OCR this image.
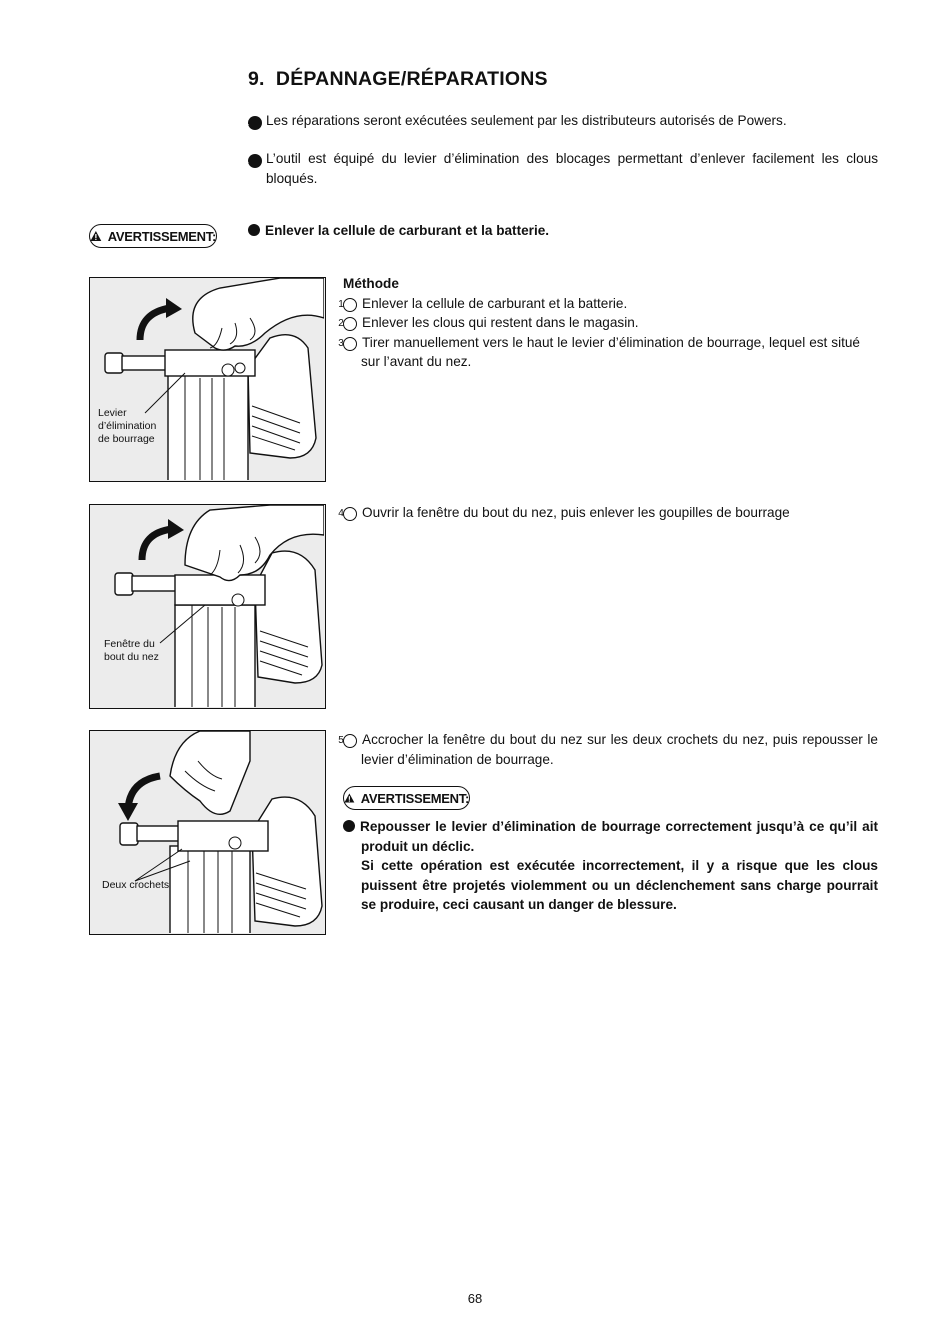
9. DÉPANNAGE/RÉPARATIONS
1 Les réparations seront exécutées seulement par les distributeurs autorisés de Powers.
2 L’outil est équipé du levier d’élimination des blocages permettant d’enlever facilement les clous bloqués.
AVERTISSEMENT:	Enlever la cellule de carburant et la batterie.
Méthode
1 Enlever la cellule de carburant et la batterie.
2 Enlever les clous qui restent dans le magasin.
3 Tirer manuellement vers le haut le levier d’élimination de bourrage, lequel est situé sur l’avant du nez.
4 Ouvrir la fenêtre du bout du nez, puis enlever les goupilles de bourrage
5 Accrocher la fenêtre du bout du nez sur les deux crochets du nez, puis repousser le levier d’élimination de bourrage.
AVERTISSEMENT:
Repousser le levier d’élimination de bourrage correctement jusqu’à ce qu’il ait produit un déclic.
Si cette opération est exécutée incorrectement, il y a risque que les clous puissent être projetés violemment ou un déclenchement sans charge pourrait se produire, ceci causant un danger de blessure.
Levier
d’élimination
de bourrage
Fenêtre du
bout du nez
Deux crochets
68
